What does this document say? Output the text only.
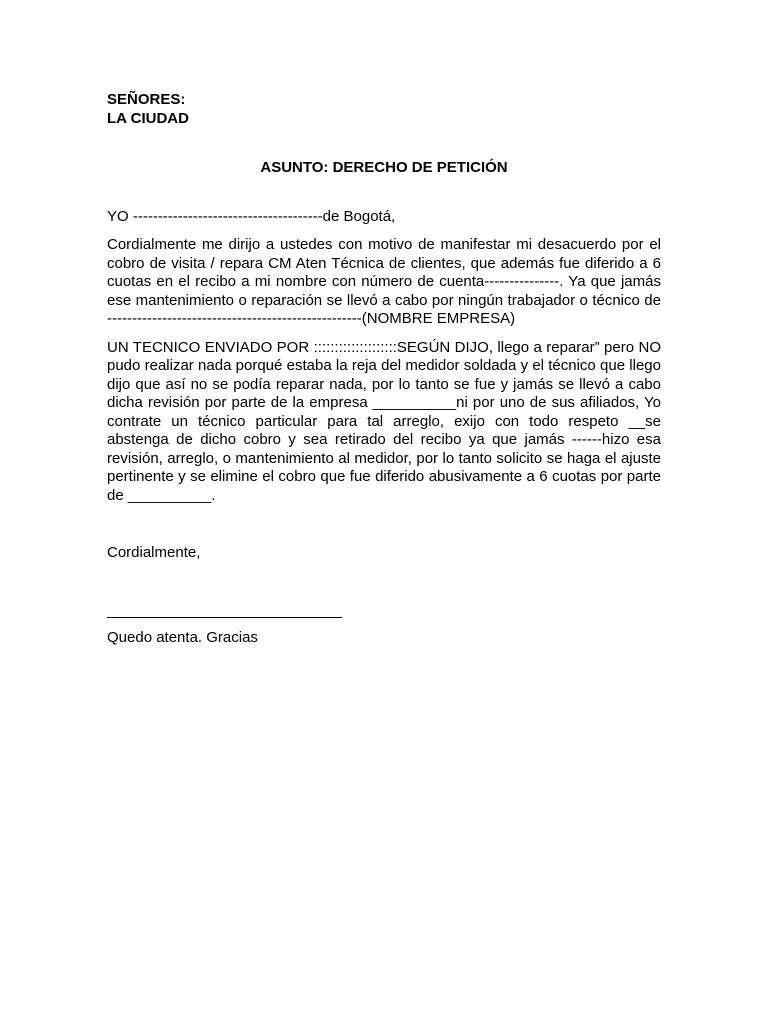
SEÑORES:
LA CIUDAD
ASUNTO: DERECHO DE PETICIÓN
YO --------------------------------------de Bogotá,
Cordialmente me dirijo a ustedes con motivo de manifestar mi desacuerdo por el cobro de visita / repara CM Aten Técnica de clientes, que además fue diferido a 6 cuotas en el recibo a mi nombre con número de cuenta---------------. Ya que jamás ese mantenimiento o reparación se llevó a cabo por ningún trabajador o técnico de ---------------------------------------------------(NOMBRE EMPRESA)
UN TECNICO ENVIADO POR ::::::::::::::::::::SEGÚN DIJO, llego a reparar” pero NO pudo realizar nada porqué estaba la reja del medidor soldada y el técnico que llego dijo que así no se podía reparar nada, por lo tanto se fue y jamás se llevó a cabo dicha revisión por parte de la empresa __________ni por uno de sus afiliados, Yo contrate un técnico particular para tal arreglo, exijo con todo respeto __se abstenga de dicho cobro y sea retirado del recibo ya que jamás ------hizo esa revisión, arreglo, o mantenimiento al medidor, por lo tanto solicito se haga el ajuste pertinente y se elimine el cobro que fue diferido abusivamente a 6 cuotas por parte de __________.
Cordialmente,
Quedo atenta. Gracias
